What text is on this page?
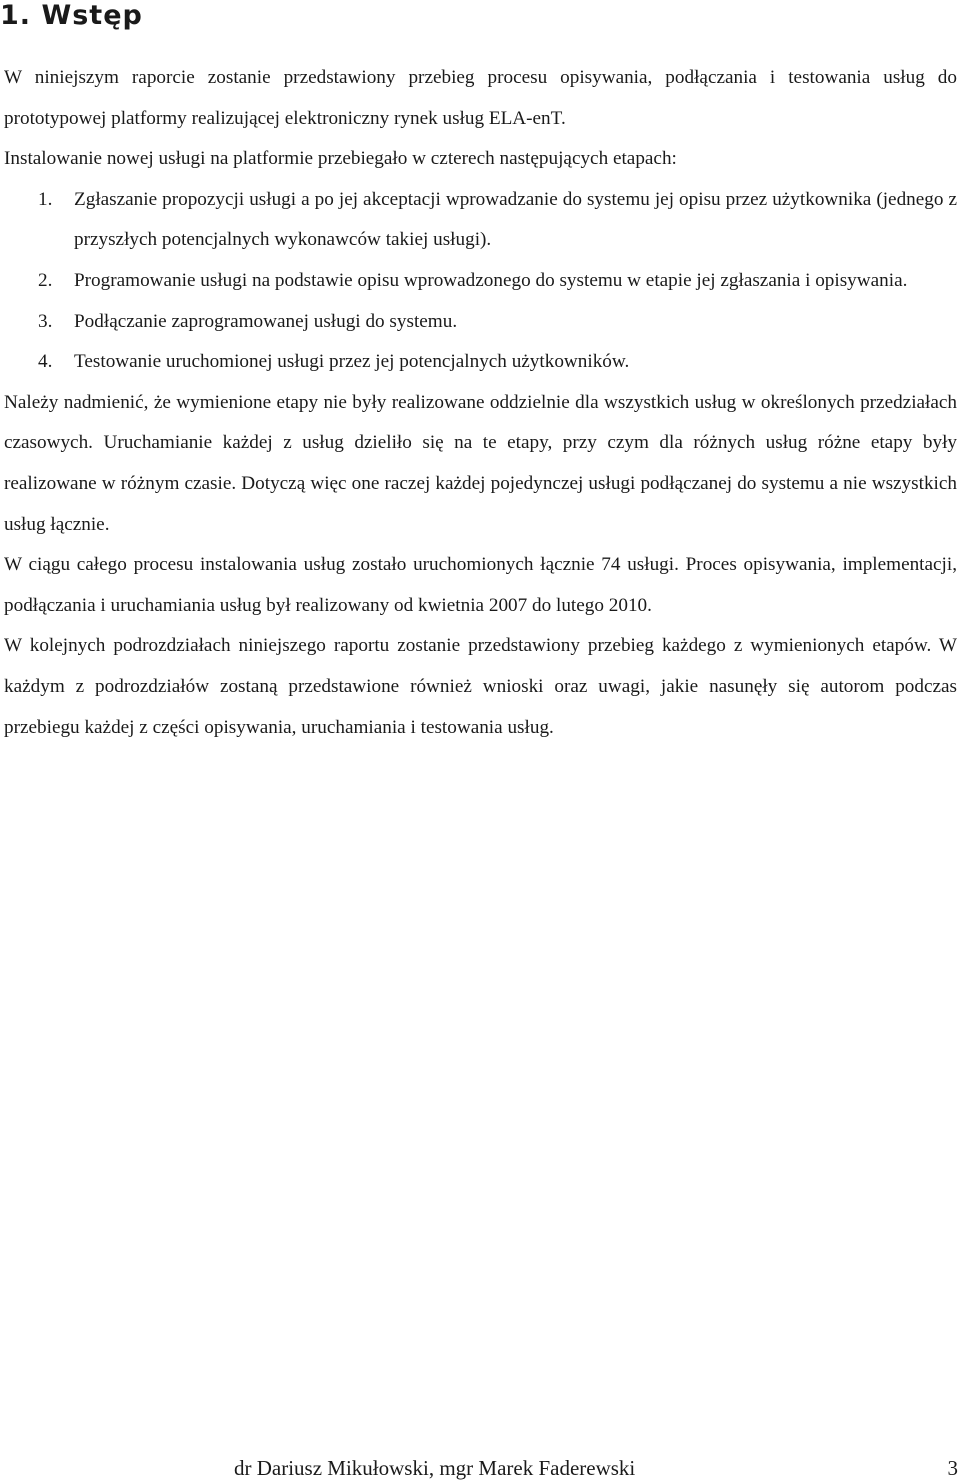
1. Wstęp

W niniejszym raporcie zostanie przedstawiony przebieg procesu opisywania, podłączania i testowania usług do prototypowej platformy realizującej elektroniczny rynek usług ELA-enT.

Instalowanie nowej usługi na platformie przebiegało w czterech następujących etapach:

1. Zgłaszanie propozycji usługi a po jej akceptacji wprowadzanie do systemu jej opisu przez użytkownika (jednego z przyszłych potencjalnych wykonawców takiej usługi).
2. Programowanie usługi na podstawie opisu wprowadzonego do systemu w etapie jej zgłaszania i opisywania.
3. Podłączanie zaprogramowanej usługi do systemu.
4. Testowanie uruchomionej usługi przez jej potencjalnych użytkowników.

Należy nadmienić, że wymienione etapy nie były realizowane oddzielnie dla wszystkich usług w określonych przedziałach czasowych. Uruchamianie każdej z usług dzieliło się na te etapy, przy czym dla różnych usług różne etapy były realizowane w różnym czasie. Dotyczą więc one raczej każdej pojedynczej usługi podłączanej do systemu a nie wszystkich usług łącznie.

W ciągu całego procesu instalowania usług zostało uruchomionych łącznie 74 usługi. Proces opisywania, implementacji, podłączania i uruchamiania usług był realizowany od kwietnia 2007 do lutego 2010.

W kolejnych podrozdziałach niniejszego raportu zostanie przedstawiony przebieg każdego z wymienionych etapów. W każdym z podrozdziałów zostaną przedstawione również wnioski oraz uwagi, jakie nasunęły się autorom podczas przebiegu każdej z części opisywania, uruchamiania i testowania usług.

dr Dariusz Mikułowski, mgr Marek Faderewski	3
